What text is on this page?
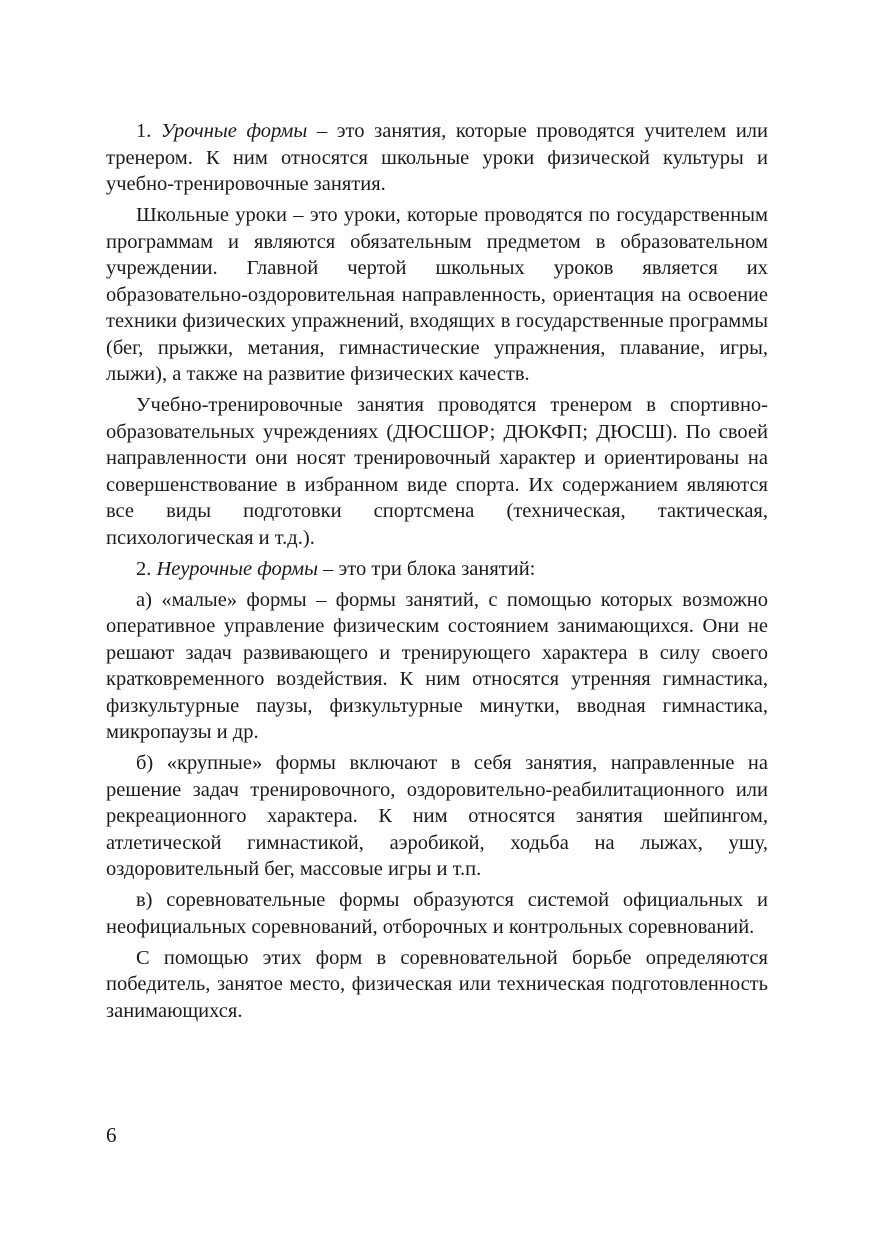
1. Урочные формы – это занятия, которые проводятся учителем или тренером. К ним относятся школьные уроки физической культуры и учебно-тренировочные занятия.

Школьные уроки – это уроки, которые проводятся по государственным программам и являются обязательным предметом в образовательном учреждении. Главной чертой школьных уроков является их образовательно-оздоровительная направленность, ориентация на освоение техники физических упражнений, входящих в государственные программы (бег, прыжки, метания, гимнастические упражнения, плавание, игры, лыжи), а также на развитие физических качеств.

Учебно-тренировочные занятия проводятся тренером в спортивно-образовательных учреждениях (ДЮСШОР; ДЮКФП; ДЮСШ). По своей направленности они носят тренировочный характер и ориентированы на совершенствование в избранном виде спорта. Их содержанием являются все виды подготовки спортсмена (техническая, тактическая, психологическая и т.д.).

2. Неурочные формы – это три блока занятий:

а) «малые» формы – формы занятий, с помощью которых возможно оперативное управление физическим состоянием занимающихся. Они не решают задач развивающего и тренирующего характера в силу своего кратковременного воздействия. К ним относятся утренняя гимнастика, физкультурные паузы, физкультурные минутки, вводная гимнастика, микропаузы и др.

б) «крупные» формы включают в себя занятия, направленные на решение задач тренировочного, оздоровительно-реабилитационного или рекреационного характера. К ним относятся занятия шейпингом, атлетической гимнастикой, аэробикой, ходьба на лыжах, ушу, оздоровительный бег, массовые игры и т.п.

в) соревновательные формы образуются системой официальных и неофициальных соревнований, отборочных и контрольных соревнований.

С помощью этих форм в соревновательной борьбе определяются победитель, занятое место, физическая или техническая подготовленность занимающихся.

6
